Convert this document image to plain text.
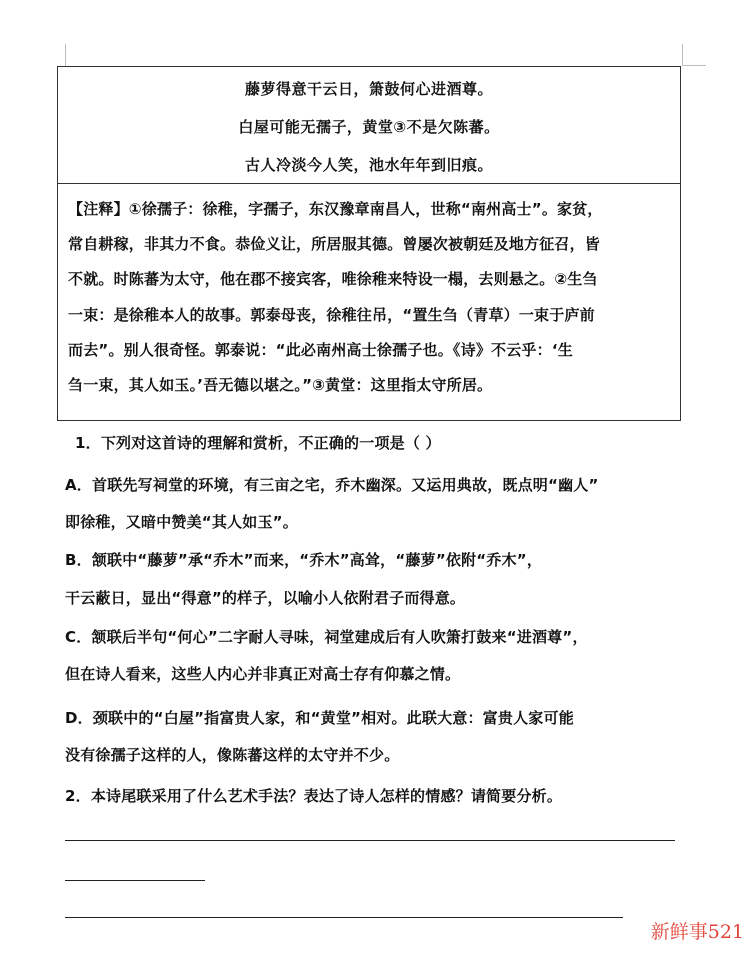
藤萝得意干云日，箫鼓何心进酒尊。
白屋可能无孺子，黄堂③不是欠陈蕃。
古人冷淡今人笑，池水年年到旧痕。
【注释】①徐孺子：徐稚，字孺子，东汉豫章南昌人，世称“南州高士”。家贫，
常自耕稼，非其力不食。恭俭义让，所居服其德。曾屡次被朝廷及地方征召，皆
不就。时陈蕃为太守，他在郡不接宾客，唯徐稚来特设一榻，去则悬之。②生刍
一束：是徐稚本人的故事。郭泰母丧，徐稚往吊，“置生刍（青草）一束于庐前
而去”。别人很奇怪。郭泰说：“此必南州高士徐孺子也。《诗》不云乎：‘生
刍一束，其人如玉。’吾无德以堪之。”③黄堂：这里指太守所居。
1．下列对这首诗的理解和赏析，不正确的一项是（ ）
A．首联先写祠堂的环境，有三亩之宅，乔木幽深。又运用典故，既点明“幽人”
即徐稚，又暗中赞美“其人如玉”。
B．颔联中“藤萝”承“乔木”而来，“乔木”高耸，“藤萝”依附“乔木”，
干云蔽日，显出“得意”的样子，以喻小人依附君子而得意。
C．颔联后半句“何心”二字耐人寻味，祠堂建成后有人吹箫打鼓来“进酒尊”，
但在诗人看来，这些人内心并非真正对高士存有仰慕之情。
D．颈联中的“白屋”指富贵人家，和“黄堂”相对。此联大意：富贵人家可能
没有徐孺子这样的人，像陈蕃这样的太守并不少。
2．本诗尾联采用了什么艺术手法？表达了诗人怎样的情感？请简要分析。
新鲜事521
